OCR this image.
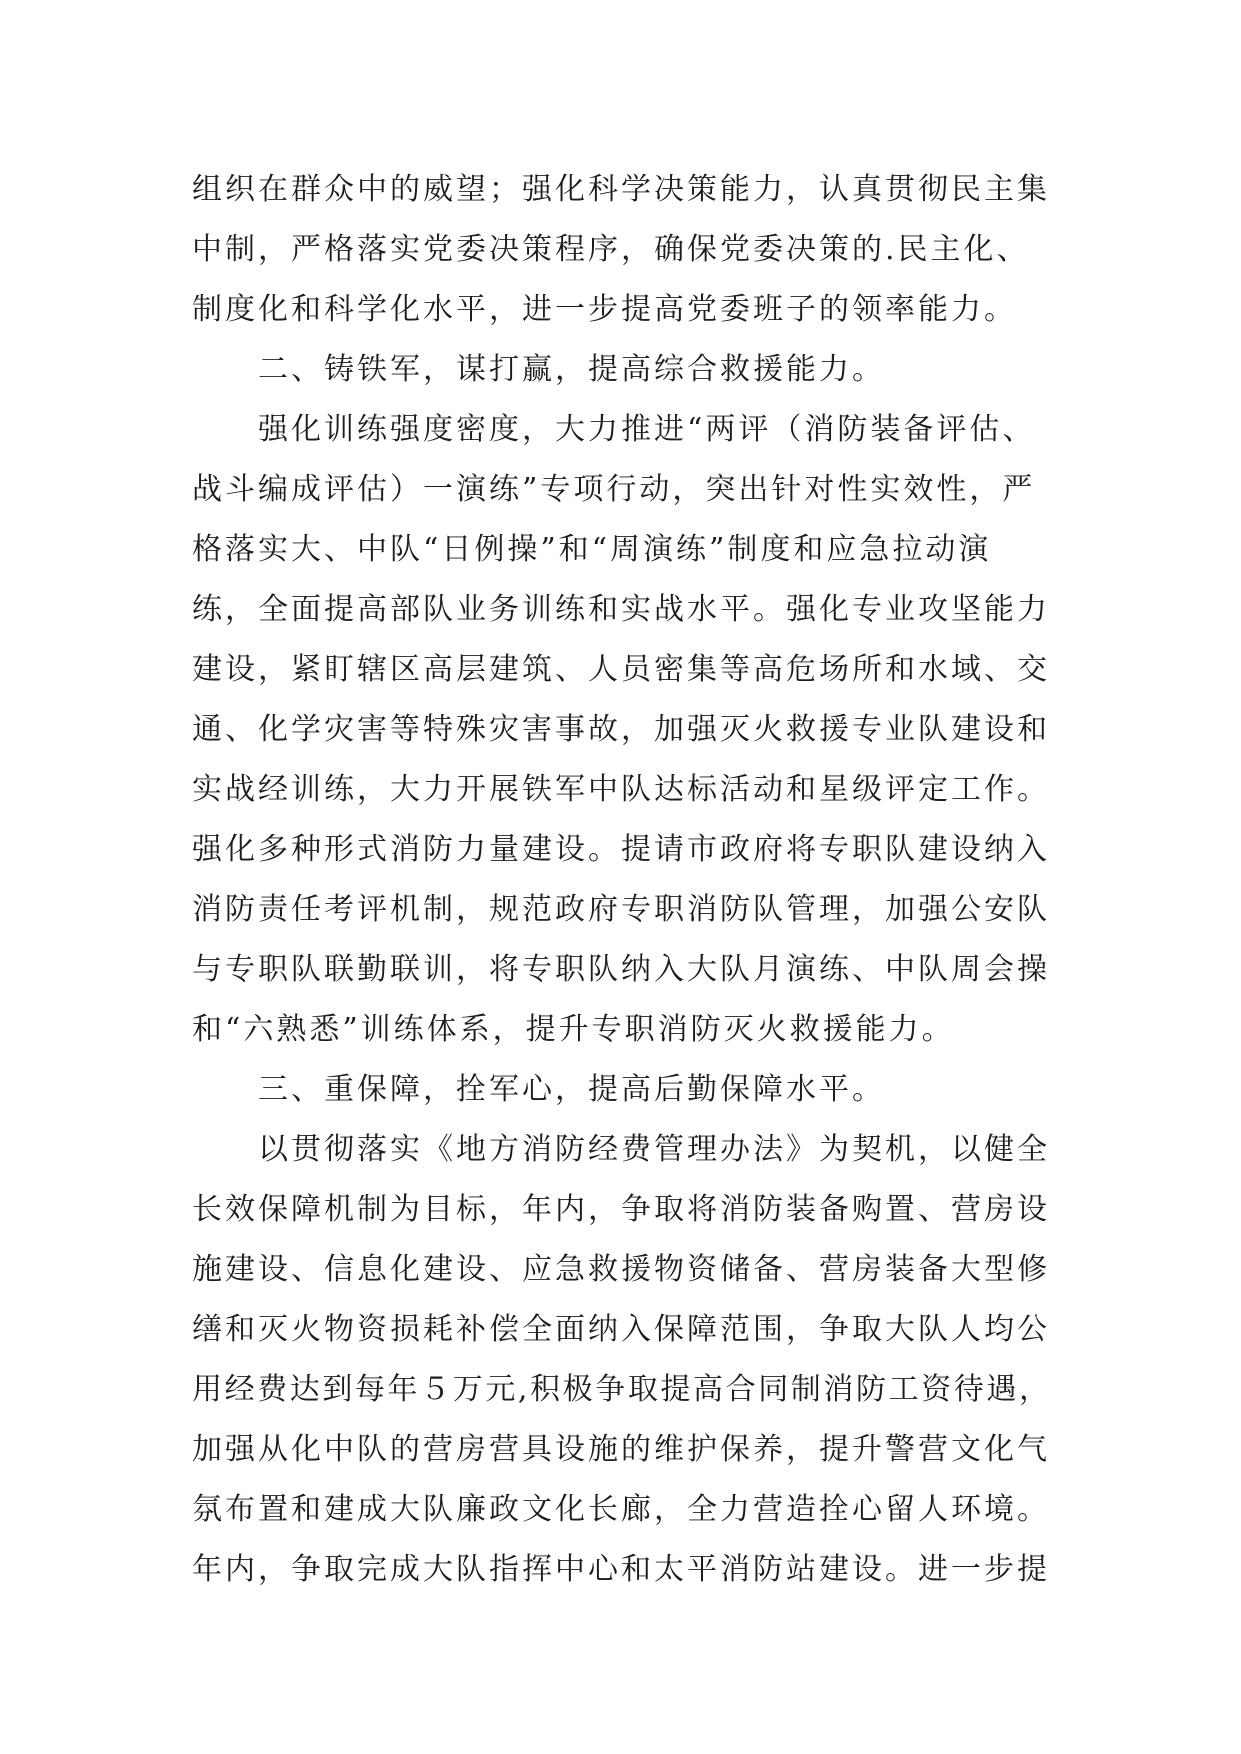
组织在群众中的威望；强化科学决策能力，认真贯彻民主集
中制，严格落实党委决策程序，确保党委决策的.民主化、
制度化和科学化水平，进一步提高党委班子的领率能力。
　　二、铸铁军，谋打赢，提高综合救援能力。
　　强化训练强度密度，大力推进“两评（消防装备评估、
战斗编成评估）一演练”专项行动，突出针对性实效性，严
格落实大、中队“日例操”和“周演练”制度和应急拉动演
练，全面提高部队业务训练和实战水平。强化专业攻坚能力
建设，紧盯辖区高层建筑、人员密集等高危场所和水域、交
通、化学灾害等特殊灾害事故，加强灭火救援专业队建设和
实战经训练，大力开展铁军中队达标活动和星级评定工作。
强化多种形式消防力量建设。提请市政府将专职队建设纳入
消防责任考评机制，规范政府专职消防队管理，加强公安队
与专职队联勤联训，将专职队纳入大队月演练、中队周会操
和“六熟悉”训练体系，提升专职消防灭火救援能力。
　　三、重保障，拴军心，提高后勤保障水平。
　　以贯彻落实《地方消防经费管理办法》为契机，以健全
长效保障机制为目标，年内，争取将消防装备购置、营房设
施建设、信息化建设、应急救援物资储备、营房装备大型修
缮和灭火物资损耗补偿全面纳入保障范围，争取大队人均公
用经费达到每年５万元,积极争取提高合同制消防工资待遇，
加强从化中队的营房营具设施的维护保养，提升警营文化气
氛布置和建成大队廉政文化长廊，全力营造拴心留人环境。
年内，争取完成大队指挥中心和太平消防站建设。进一步提
